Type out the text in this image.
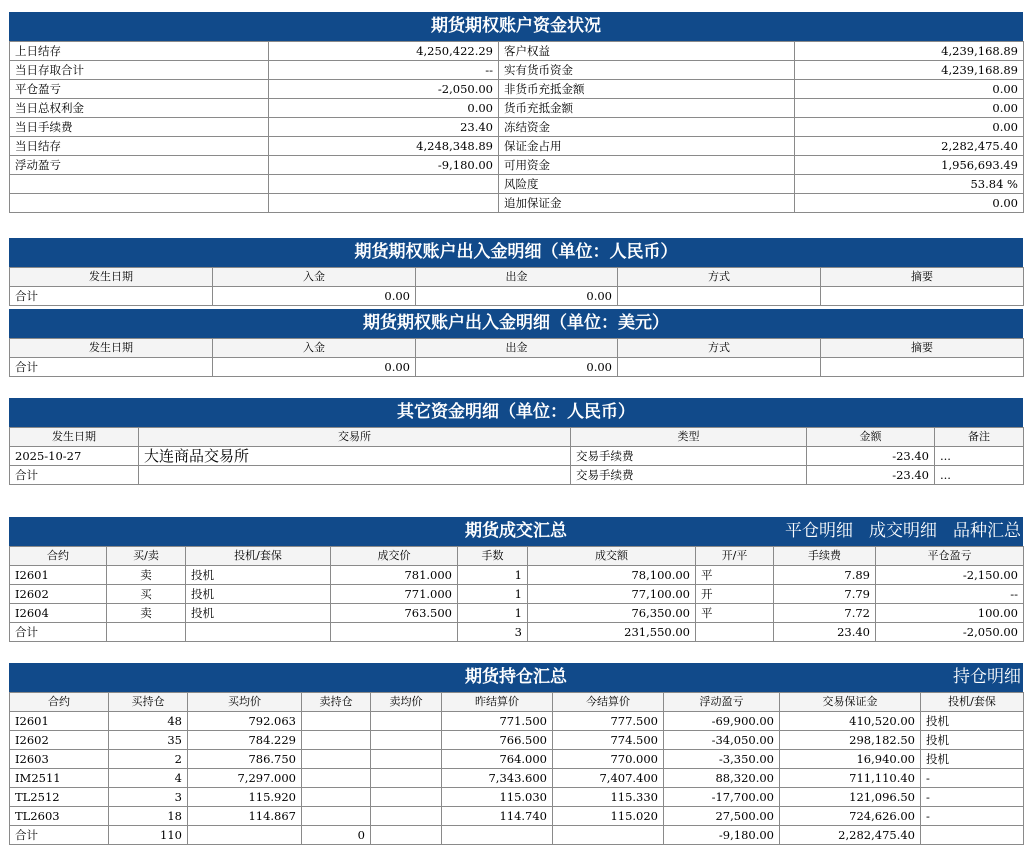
期货期权账户资金状况
上日结存	4,250,422.29	客户权益	4,239,168.89
当日存取合计	--	实有货币资金	4,239,168.89
平仓盈亏	-2,050.00	非货币充抵金额	0.00
当日总权利金	0.00	货币充抵金额	0.00
当日手续费	23.40	冻结资金	0.00
当日结存	4,248,348.89	保证金占用	2,282,475.40
浮动盈亏	-9,180.00	可用资金	1,956,693.49
		风险度	53.84 %
		追加保证金	0.00
期货期权账户出入金明细（单位：人民币）
发生日期	入金	出金	方式	摘要
合计	0.00	0.00		
期货期权账户出入金明细（单位：美元）
发生日期	入金	出金	方式	摘要
合计	0.00	0.00		
其它资金明细（单位：人民币）
发生日期	交易所	类型	金额	备注
2025-10-27	大连商品交易所	交易手续费	-23.40	...
合计		交易手续费	-23.40	...
期货成交汇总	平仓明细 成交明细 品种汇总
合约	买/卖	投机/套保	成交价	手数	成交额	开/平	手续费	平仓盈亏
I2601	卖	投机	781.000	1	78,100.00	平	7.89	-2,150.00
I2602	买	投机	771.000	1	77,100.00	开	7.79	--
I2604	卖	投机	763.500	1	76,350.00	平	7.72	100.00
合计				3	231,550.00		23.40	-2,050.00
期货持仓汇总	持仓明细
合约	买持仓	买均价	卖持仓	卖均价	昨结算价	今结算价	浮动盈亏	交易保证金	投机/套保
I2601	48	792.063			771.500	777.500	-69,900.00	410,520.00	投机
I2602	35	784.229			766.500	774.500	-34,050.00	298,182.50	投机
I2603	2	786.750			764.000	770.000	-3,350.00	16,940.00	投机
IM2511	4	7,297.000			7,343.600	7,407.400	88,320.00	711,110.40	-
TL2512	3	115.920			115.030	115.330	-17,700.00	121,096.50	-
TL2603	18	114.867			114.740	115.020	27,500.00	724,626.00	-
合计	110		0				-9,180.00	2,282,475.40	
